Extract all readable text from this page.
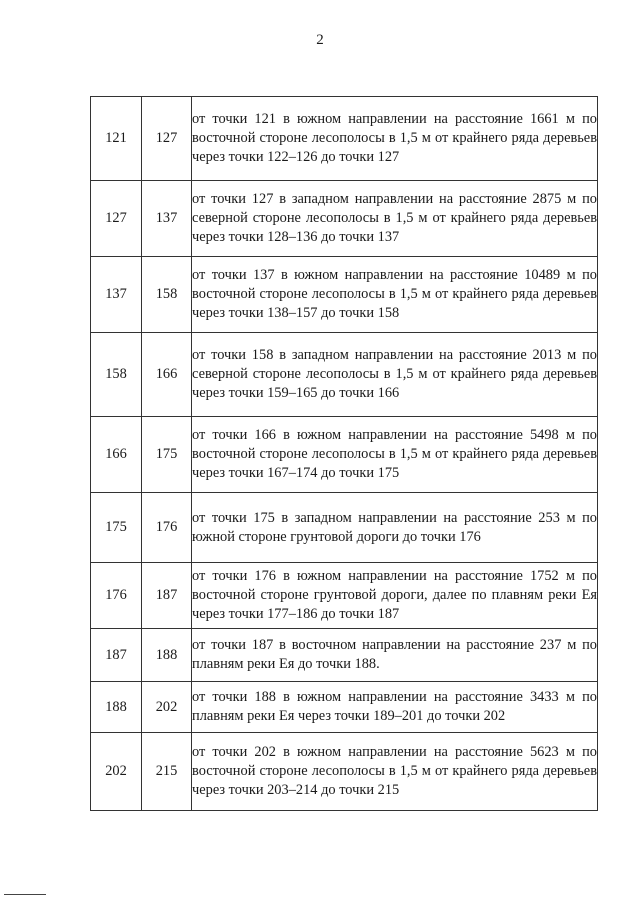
2
121	127	от точки 121 в южном направлении на расстояние 1661 м по восточной стороне лесополосы в 1,5 м от крайнего ряда деревьев через точки 122–126 до точки 127
127	137	от точки 127 в западном направлении на расстояние 2875 м по северной стороне лесополосы в 1,5 м от крайнего ряда деревьев через точки 128–136 до точки 137
137	158	от точки 137 в южном направлении на расстояние 10489 м по восточной стороне лесополосы в 1,5 м от крайнего ряда деревьев через точки 138–157 до точки 158
158	166	от точки 158 в западном направлении на расстояние 2013 м по северной стороне лесополосы в 1,5 м от крайнего ряда деревьев через точки 159–165 до точки 166
166	175	от точки 166 в южном направлении на расстояние 5498 м по восточной стороне лесополосы в 1,5 м от крайнего ряда деревьев через точки 167–174 до точки 175
175	176	от точки 175 в западном направлении на расстояние 253 м по южной стороне грунтовой дороги до точки 176
176	187	от точки 176 в южном направлении на расстояние 1752 м по восточной стороне грунтовой дороги, далее по плавням реки Ея через точки 177–186 до точки 187
187	188	от точки 187 в восточном направлении на расстояние 237 м по плавням реки Ея до точки 188.
188	202	от точки 188 в южном направлении на расстояние 3433 м по плавням реки Ея через точки 189–201 до точки 202
202	215	от точки 202 в южном направлении на расстояние 5623 м по восточной стороне лесополосы в 1,5 м от крайнего ряда деревьев через точки 203–214 до точки 215
